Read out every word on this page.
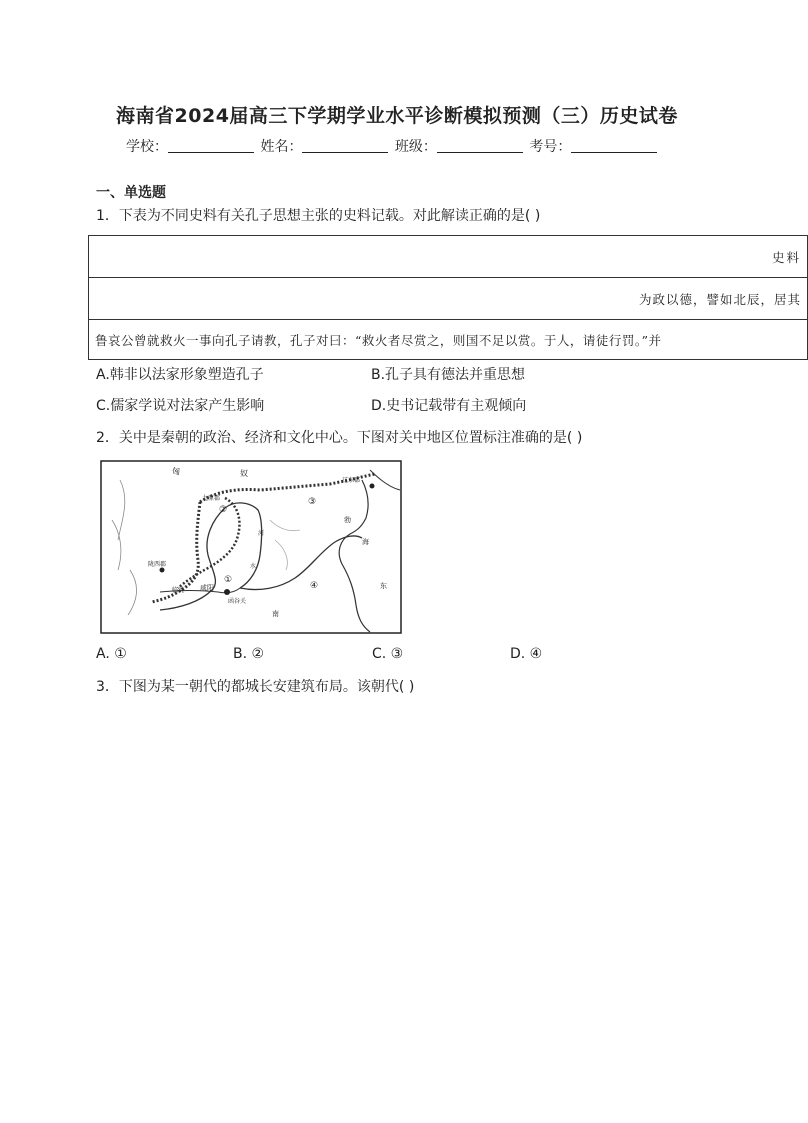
海南省2024届高三下学期学业水平诊断模拟预测（三）历史试卷
学校：	姓名：	班级：	考号：
一、单选题
1．下表为不同史料有关孔子思想主张的史料记载。对此解读正确的是( )
史料
为政以德，譬如北辰，居其
鲁哀公曾就救火一事向孔子请教，孔子对曰：“救火者尽赏之，则国不足以赏。于人，请徒行罚。”并
A.韩非以法家形象塑造孔子	B.孔子具有德法并重思想
C.儒家学说对法家产生影响	D.史书记载带有主观倾向
2．关中是秦朝的政治、经济和文化中心。下图对关中地区位置标注准确的是( )
匈	奴
九原郡
辽东郡
陇西郡
临洮 咸阳
函谷关
河
水
勃
海
东
南
①
②
③
④
A. ①	B. ②	C. ③	D. ④
3．下图为某一朝代的都城长安建筑布局。该朝代( )
